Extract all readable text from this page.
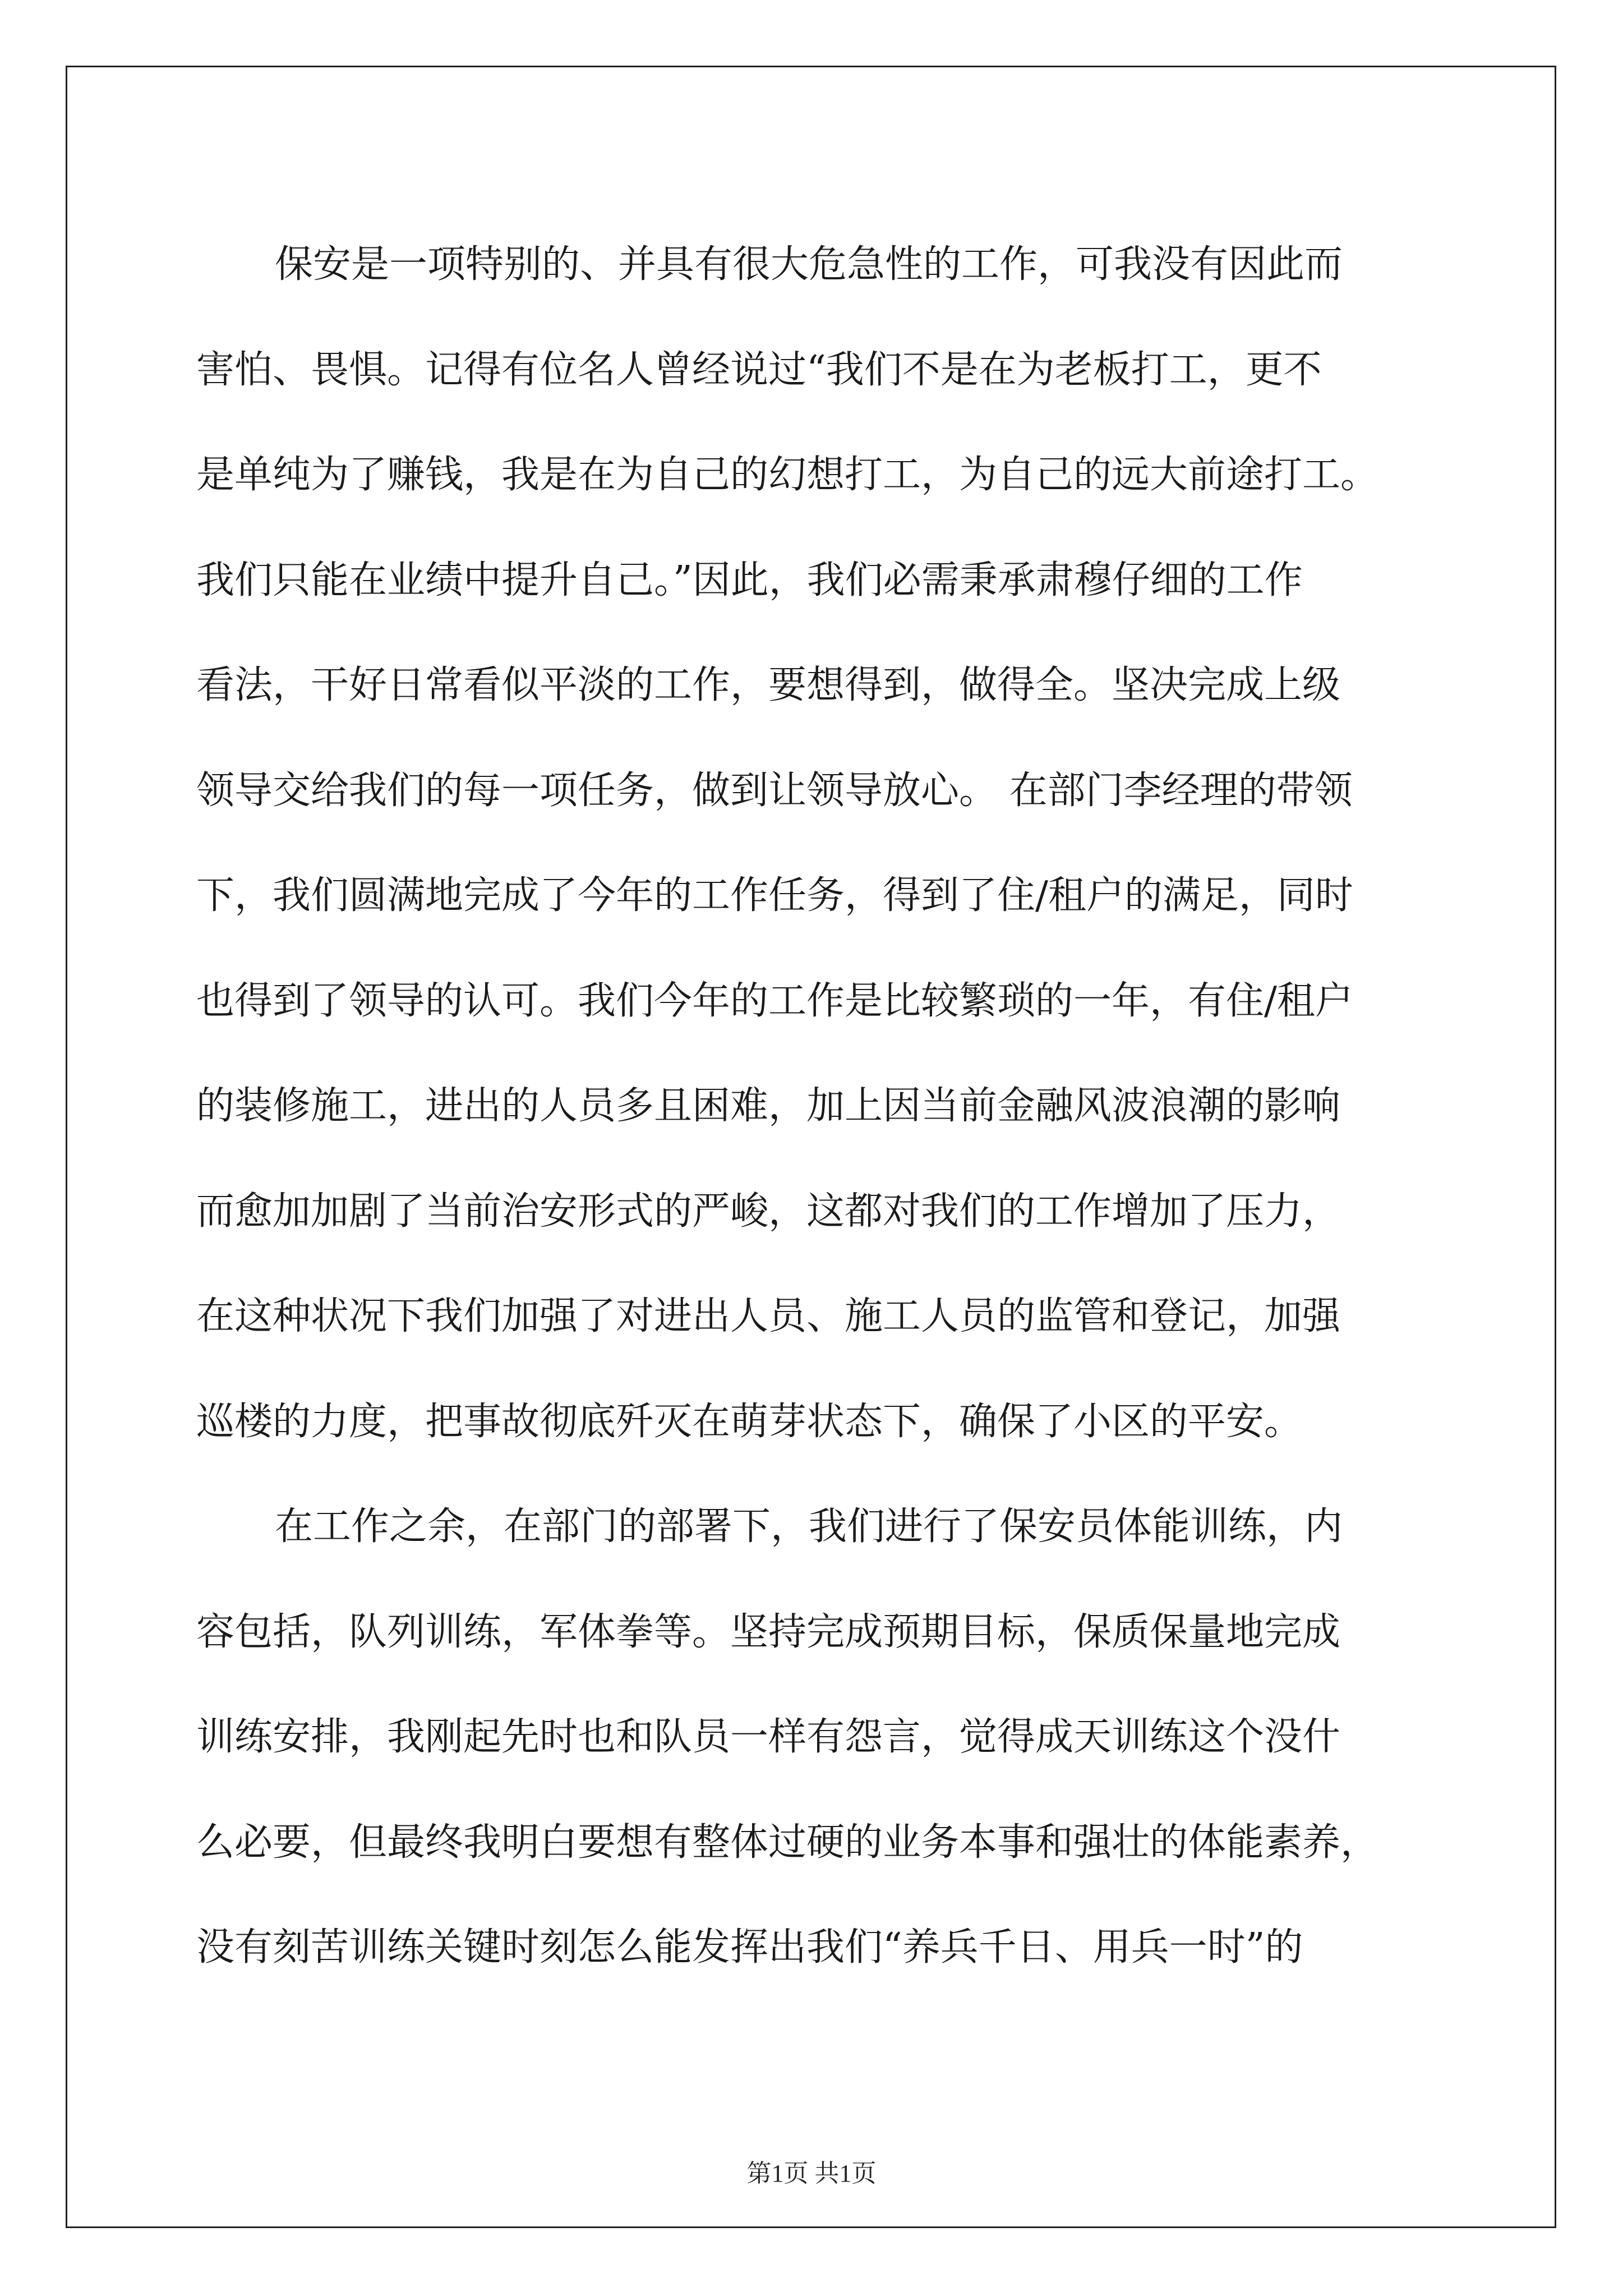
保安是一项特别的、并具有很大危急性的工作，可我没有因此而
害怕、畏惧。记得有位名人曾经说过“我们不是在为老板打工，更不
是单纯为了赚钱，我是在为自己的幻想打工，为自己的远大前途打工。
我们只能在业绩中提升自己。”因此，我们必需秉承肃穆仔细的工作
看法，干好日常看似平淡的工作，要想得到，做得全。坚决完成上级
领导交给我们的每一项任务，做到让领导放心。 在部门李经理的带领
下，我们圆满地完成了今年的工作任务，得到了住/租户的满足，同时
也得到了领导的认可。我们今年的工作是比较繁琐的一年，有住/租户
的装修施工，进出的人员多且困难，加上因当前金融风波浪潮的影响
而愈加加剧了当前治安形式的严峻，这都对我们的工作增加了压力，
在这种状况下我们加强了对进出人员、施工人员的监管和登记，加强
巡楼的力度，把事故彻底歼灭在萌芽状态下，确保了小区的平安。
在工作之余，在部门的部署下，我们进行了保安员体能训练，内
容包括，队列训练，军体拳等。坚持完成预期目标，保质保量地完成
训练安排，我刚起先时也和队员一样有怨言，觉得成天训练这个没什
么必要，但最终我明白要想有整体过硬的业务本事和强壮的体能素养，
没有刻苦训练关键时刻怎么能发挥出我们“养兵千日、用兵一时”的
第1页 共1页
